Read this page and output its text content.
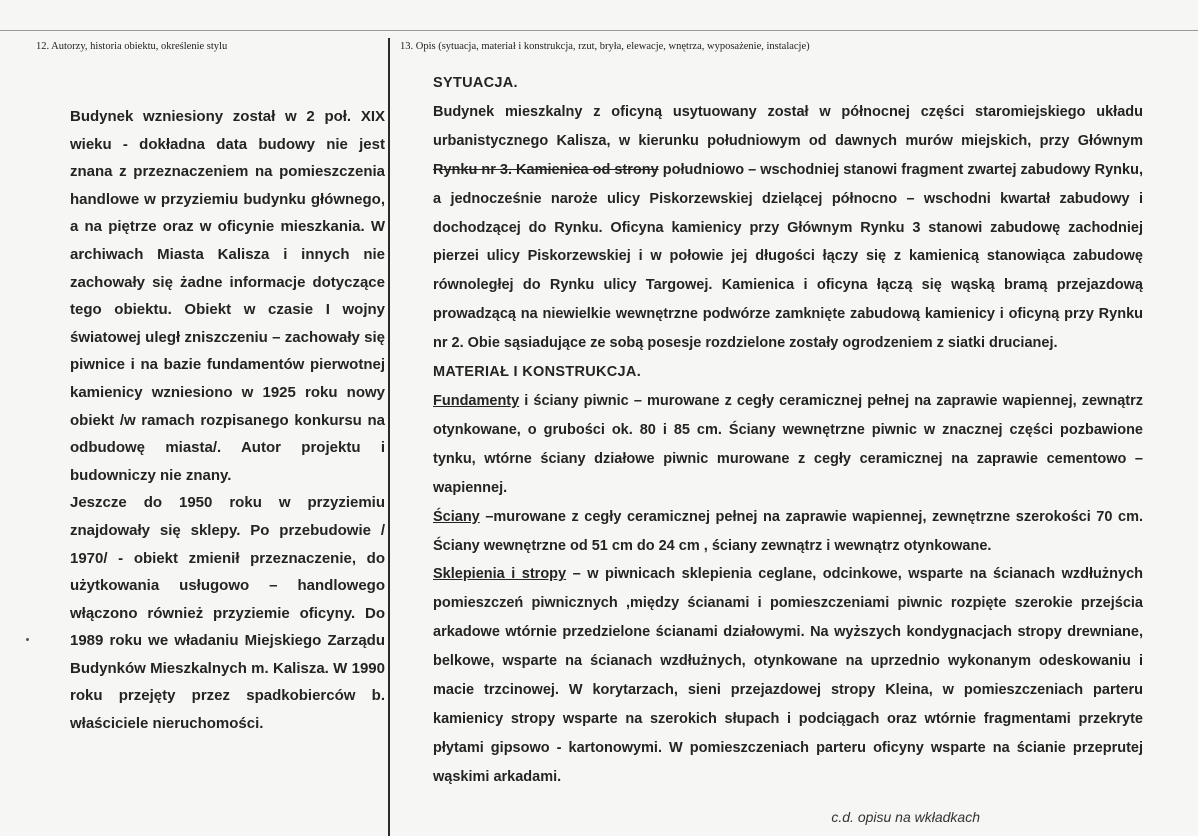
12. Autorzy, historia obiektu, określenie stylu	13. Opis (sytuacja, materiał i konstrukcja, rzut, bryła, elewacje, wnętrza, wyposażenie, instalacje)

Budynek wzniesiony został w 2 poł. XIX wieku - dokładna data budowy nie jest znana z przeznaczeniem na pomieszczenia handlowe w przyziemiu budynku głównego, a na piętrze oraz w oficynie mieszkania. W archiwach Miasta Kalisza i innych nie zachowały się żadne informacje dotyczące tego obiektu. Obiekt w czasie I wojny światowej uległ zniszczeniu – zachowały się piwnice i na bazie fundamentów pierwotnej kamienicy wzniesiono w 1925 roku nowy obiekt /w ramach rozpisanego konkursu na odbudowę miasta/. Autor projektu i budowniczy nie znany.

Jeszcze do 1950 roku w przyziemiu znajdowały się sklepy. Po przebudowie / 1970/ - obiekt zmienił przeznaczenie, do użytkowania usługowo – handlowego włączono również przyziemie oficyny. Do 1989 roku we władaniu Miejskiego Zarządu Budynków Mieszkalnych m. Kalisza. W 1990 roku przejęty przez spadkobierców b. właściciele nieruchomości.

SYTUACJA.

Budynek mieszkalny z oficyną usytuowany został w północnej części staromiejskiego układu urbanistycznego Kalisza, w kierunku południowym od dawnych murów miejskich, przy Głównym Rynku nr 3. Kamienica od strony południowo – wschodniej stanowi fragment zwartej zabudowy Rynku, a jednocześnie naroże ulicy Piskorzewskiej dzielącej północno – wschodni kwartał zabudowy i dochodzącej do Rynku. Oficyna kamienicy przy Głównym Rynku 3 stanowi zabudowę zachodniej pierzei ulicy Piskorzewskiej i w połowie jej długości łączy się z kamienicą stanowiąca zabudowę równoległej do Rynku ulicy Targowej. Kamienica i oficyna łączą się wąską bramą przejazdową prowadzącą na niewielkie wewnętrzne podwórze zamknięte zabudową kamienicy i oficyną przy Rynku nr 2. Obie sąsiadujące ze sobą posesje rozdzielone zostały ogrodzeniem z siatki drucianej.

MATERIAŁ I KONSTRUKCJA.

Fundamenty i ściany piwnic – murowane z cegły ceramicznej pełnej na zaprawie wapiennej, zewnątrz otynkowane, o grubości ok. 80 i 85 cm. Ściany wewnętrzne piwnic w znacznej części pozbawione tynku, wtórne ściany działowe piwnic murowane z cegły ceramicznej na zaprawie cementowo – wapiennej.

Ściany –murowane z cegły ceramicznej pełnej na zaprawie wapiennej, zewnętrzne szerokości 70 cm. Ściany wewnętrzne od 51 cm do 24 cm , ściany zewnątrz i wewnątrz otynkowane.

Sklepienia i stropy – w piwnicach sklepienia ceglane, odcinkowe, wsparte na ścianach wzdłużnych pomieszczeń piwnicznych ,między ścianami i pomieszczeniami piwnic rozpięte szerokie przejścia arkadowe wtórnie przedzielone ścianami działowymi. Na wyższych kondygnacjach stropy drewniane, belkowe, wsparte na ścianach wzdłużnych, otynkowane na uprzednio wykonanym odeskowaniu i macie trzcinowej. W korytarzach, sieni przejazdowej stropy Kleina, w pomieszczeniach parteru kamienicy stropy wsparte na szerokich słupach i podciągach oraz wtórnie fragmentami przekryte płytami gipsowo - kartonowymi. W pomieszczeniach parteru oficyny wsparte na ścianie przeprutej wąskimi arkadami.

c.d. opisu na wkładkach
